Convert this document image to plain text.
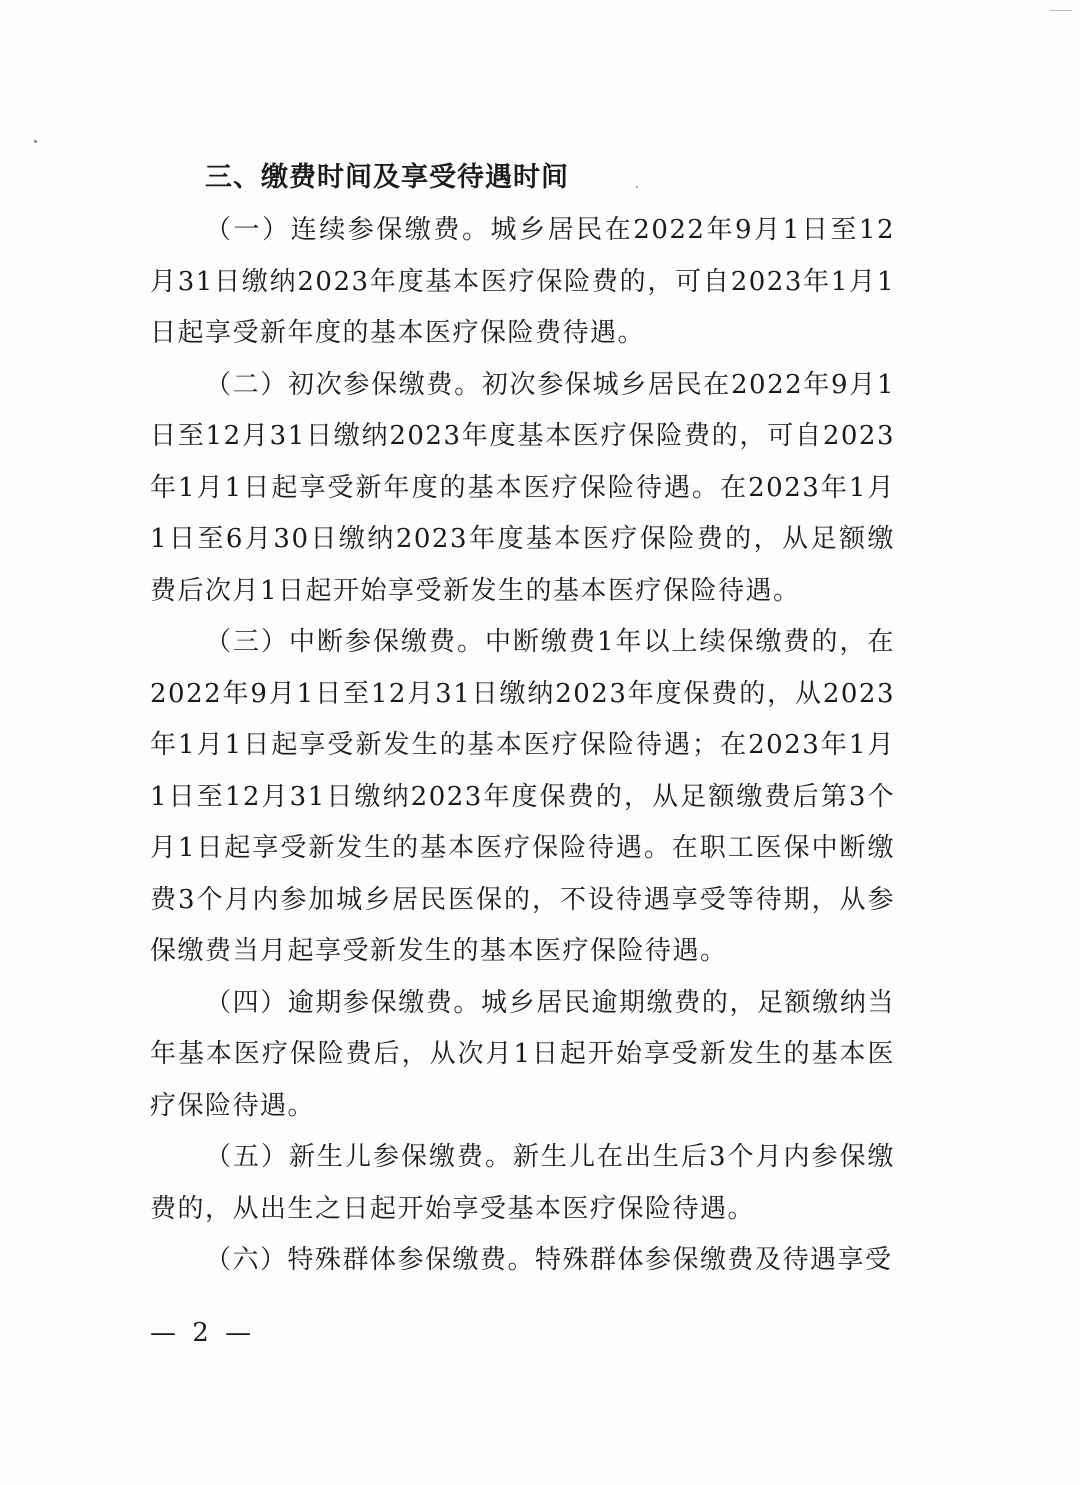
三、缴费时间及享受待遇时间

（一）连续参保缴费。城乡居民在2022年9月1日至12月31日缴纳2023年度基本医疗保险费的，可自2023年1月1日起享受新年度的基本医疗保险费待遇。

（二）初次参保缴费。初次参保城乡居民在2022年9月1日至12月31日缴纳2023年度基本医疗保险费的，可自2023年1月1日起享受新年度的基本医疗保险待遇。在2023年1月1日至6月30日缴纳2023年度基本医疗保险费的，从足额缴费后次月1日起开始享受新发生的基本医疗保险待遇。

（三）中断参保缴费。中断缴费1年以上续保缴费的，在2022年9月1日至12月31日缴纳2023年度保费的，从2023年1月1日起享受新发生的基本医疗保险待遇；在2023年1月1日至12月31日缴纳2023年度保费的，从足额缴费后第3个月1日起享受新发生的基本医疗保险待遇。在职工医保中断缴费3个月内参加城乡居民医保的，不设待遇享受等待期，从参保缴费当月起享受新发生的基本医疗保险待遇。

（四）逾期参保缴费。城乡居民逾期缴费的，足额缴纳当年基本医疗保险费后，从次月1日起开始享受新发生的基本医疗保险待遇。

（五）新生儿参保缴费。新生儿在出生后3个月内参保缴费的，从出生之日起开始享受基本医疗保险待遇。

（六）特殊群体参保缴费。特殊群体参保缴费及待遇享受

— 2 —
